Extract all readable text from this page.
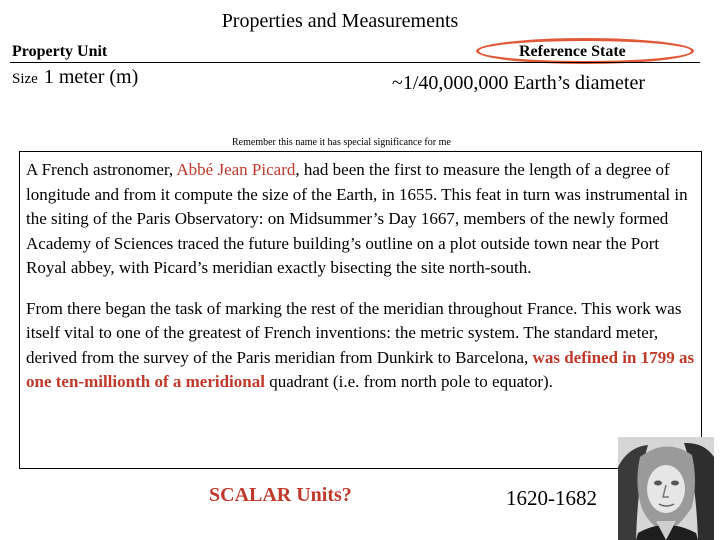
Properties and Measurements
Property Unit	Reference State
Size 1 meter (m)	~1/40,000,000 Earth’s diameter
Remember this name it has special significance for me

A French astronomer, Abbé Jean Picard, had been the first to measure the length of a degree of longitude and from it compute the size of the Earth, in 1655. This feat in turn was instrumental in the siting of the Paris Observatory: on Midsummer’s Day 1667, members of the newly formed Academy of Sciences traced the future building’s outline on a plot outside town near the Port Royal abbey, with Picard’s meridian exactly bisecting the site north-south.

From there began the task of marking the rest of the meridian throughout France. This work was itself vital to one of the greatest of French inventions: the metric system. The standard meter, derived from the survey of the Paris meridian from Dunkirk to Barcelona, was defined in 1799 as one ten-millionth of a meridional quadrant (i.e. from north pole to equator).

SCALAR Units?	1620-1682
